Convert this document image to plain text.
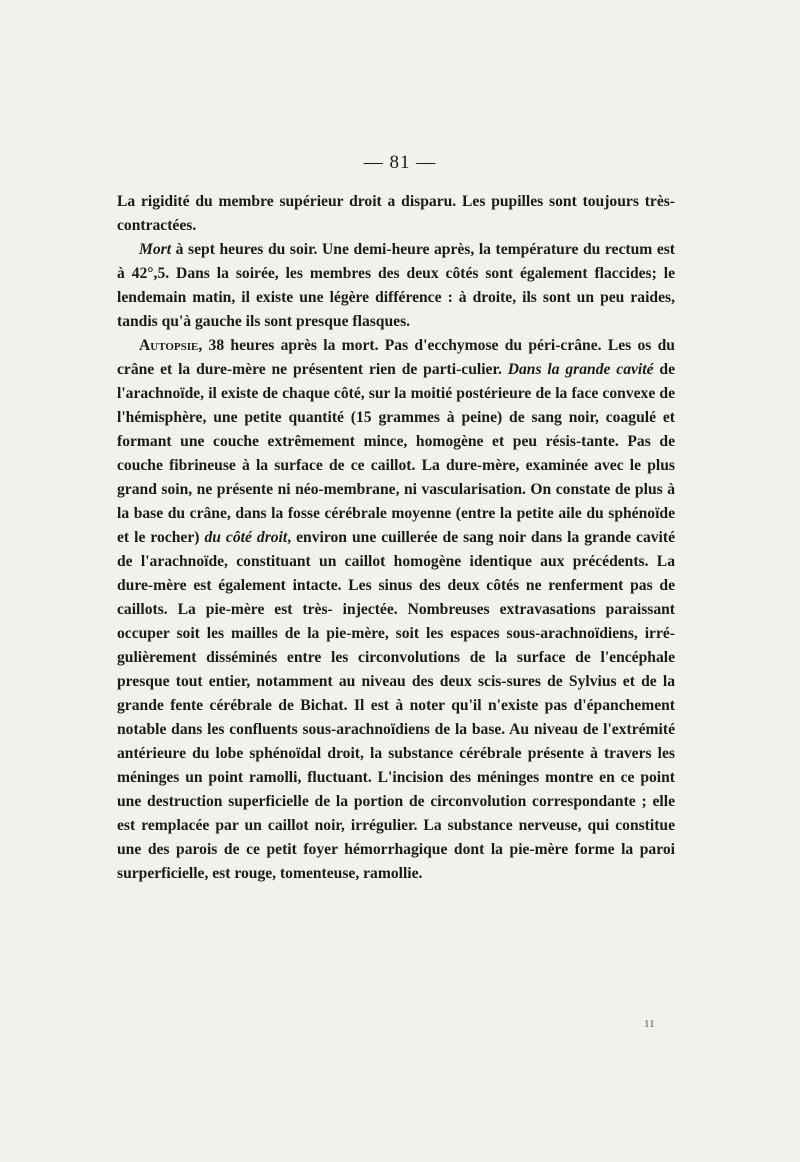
— 81 —

La rigidité du membre supérieur droit a disparu. Les pupilles sont toujours très-contractées.

Mort à sept heures du soir. Une demi-heure après, la température du rectum est à 42°,5. Dans la soirée, les membres des deux côtés sont également flaccides; le lendemain matin, il existe une légère différence : à droite, ils sont un peu raides, tandis qu'à gauche ils sont presque flasques.

Autopsie, 38 heures après la mort. Pas d'ecchymose du péri-crâne. Les os du crâne et la dure-mère ne présentent rien de parti-culier. Dans la grande cavité de l'arachnoïde, il existe de chaque côté, sur la moitié postérieure de la face convexe de l'hémisphère, une petite quantité (15 grammes à peine) de sang noir, coagulé et formant une couche extrêmement mince, homogène et peu résis-tante. Pas de couche fibrineuse à la surface de ce caillot. La dure-mère, examinée avec le plus grand soin, ne présente ni néo-membrane, ni vascularisation. On constate de plus à la base du crâne, dans la fosse cérébrale moyenne (entre la petite aile du sphénoïde et le rocher) du côté droit, environ une cuillerée de sang noir dans la grande cavité de l'arachnoïde, constituant un caillot homogène identique aux précédents. La dure-mère est également intacte. Les sinus des deux côtés ne renferment pas de caillots. La pie-mère est très- injectée. Nombreuses extravasations paraissant occuper soit les mailles de la pie-mère, soit les espaces sous-arachnoïdiens, irré-gulièrement disséminés entre les circonvolutions de la surface de l'encéphale presque tout entier, notamment au niveau des deux scis-sures de Sylvius et de la grande fente cérébrale de Bichat. Il est à noter qu'il n'existe pas d'épanchement notable dans les confluents sous-arachnoïdiens de la base. Au niveau de l'extrémité antérieure du lobe sphénoïdal droit, la substance cérébrale présente à travers les méninges un point ramolli, fluctuant. L'incision des méninges montre en ce point une destruction superficielle de la portion de circonvolution correspondante ; elle est remplacée par un caillot noir, irrégulier. La substance nerveuse, qui constitue une des parois de ce petit foyer hémorrhagique dont la pie-mère forme la paroi surperficielle, est rouge, tomenteuse, ramollie.

11
